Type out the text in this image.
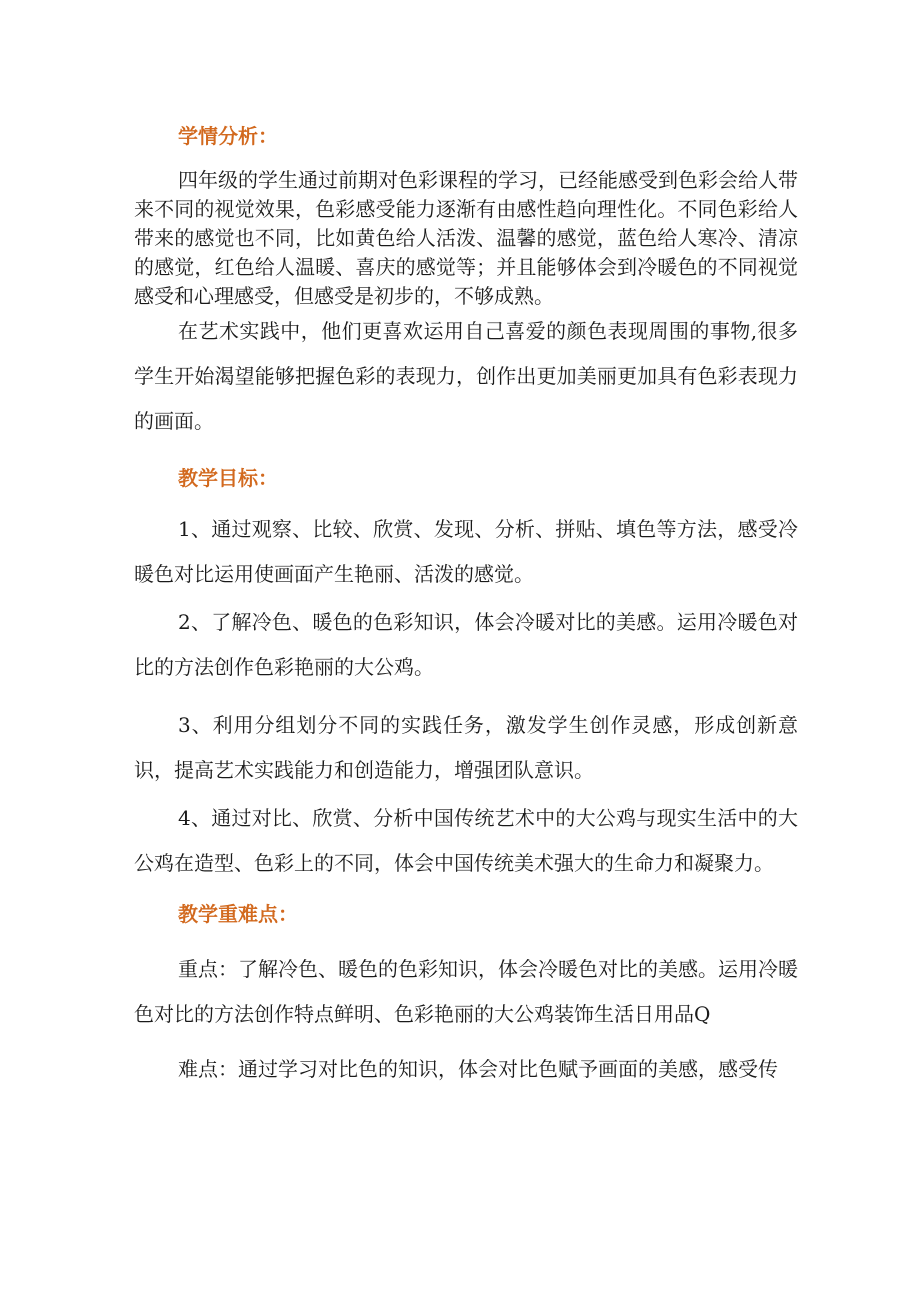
学情分析：

四年级的学生通过前期对色彩课程的学习，已经能感受到色彩会给人带来不同的视觉效果，色彩感受能力逐渐有由感性趋向理性化。不同色彩给人带来的感觉也不同，比如黄色给人活泼、温馨的感觉，蓝色给人寒冷、清凉的感觉，红色给人温暖、喜庆的感觉等；并且能够体会到冷暖色的不同视觉感受和心理感受，但感受是初步的，不够成熟。

在艺术实践中，他们更喜欢运用自己喜爱的颜色表现周围的事物,很多学生开始渴望能够把握色彩的表现力，创作出更加美丽更加具有色彩表现力的画面。

教学目标：

1、通过观察、比较、欣赏、发现、分析、拼贴、填色等方法，感受冷暖色对比运用使画面产生艳丽、活泼的感觉。

2、了解冷色、暖色的色彩知识，体会冷暖对比的美感。运用冷暖色对比的方法创作色彩艳丽的大公鸡。

3、利用分组划分不同的实践任务，激发学生创作灵感，形成创新意识，提高艺术实践能力和创造能力，增强团队意识。

4、通过对比、欣赏、分析中国传统艺术中的大公鸡与现实生活中的大公鸡在造型、色彩上的不同，体会中国传统美术强大的生命力和凝聚力。

教学重难点：

重点：了解冷色、暖色的色彩知识，体会冷暖色对比的美感。运用冷暖色对比的方法创作特点鲜明、色彩艳丽的大公鸡装饰生活日用品Q

难点：通过学习对比色的知识，体会对比色赋予画面的美感，感受传
